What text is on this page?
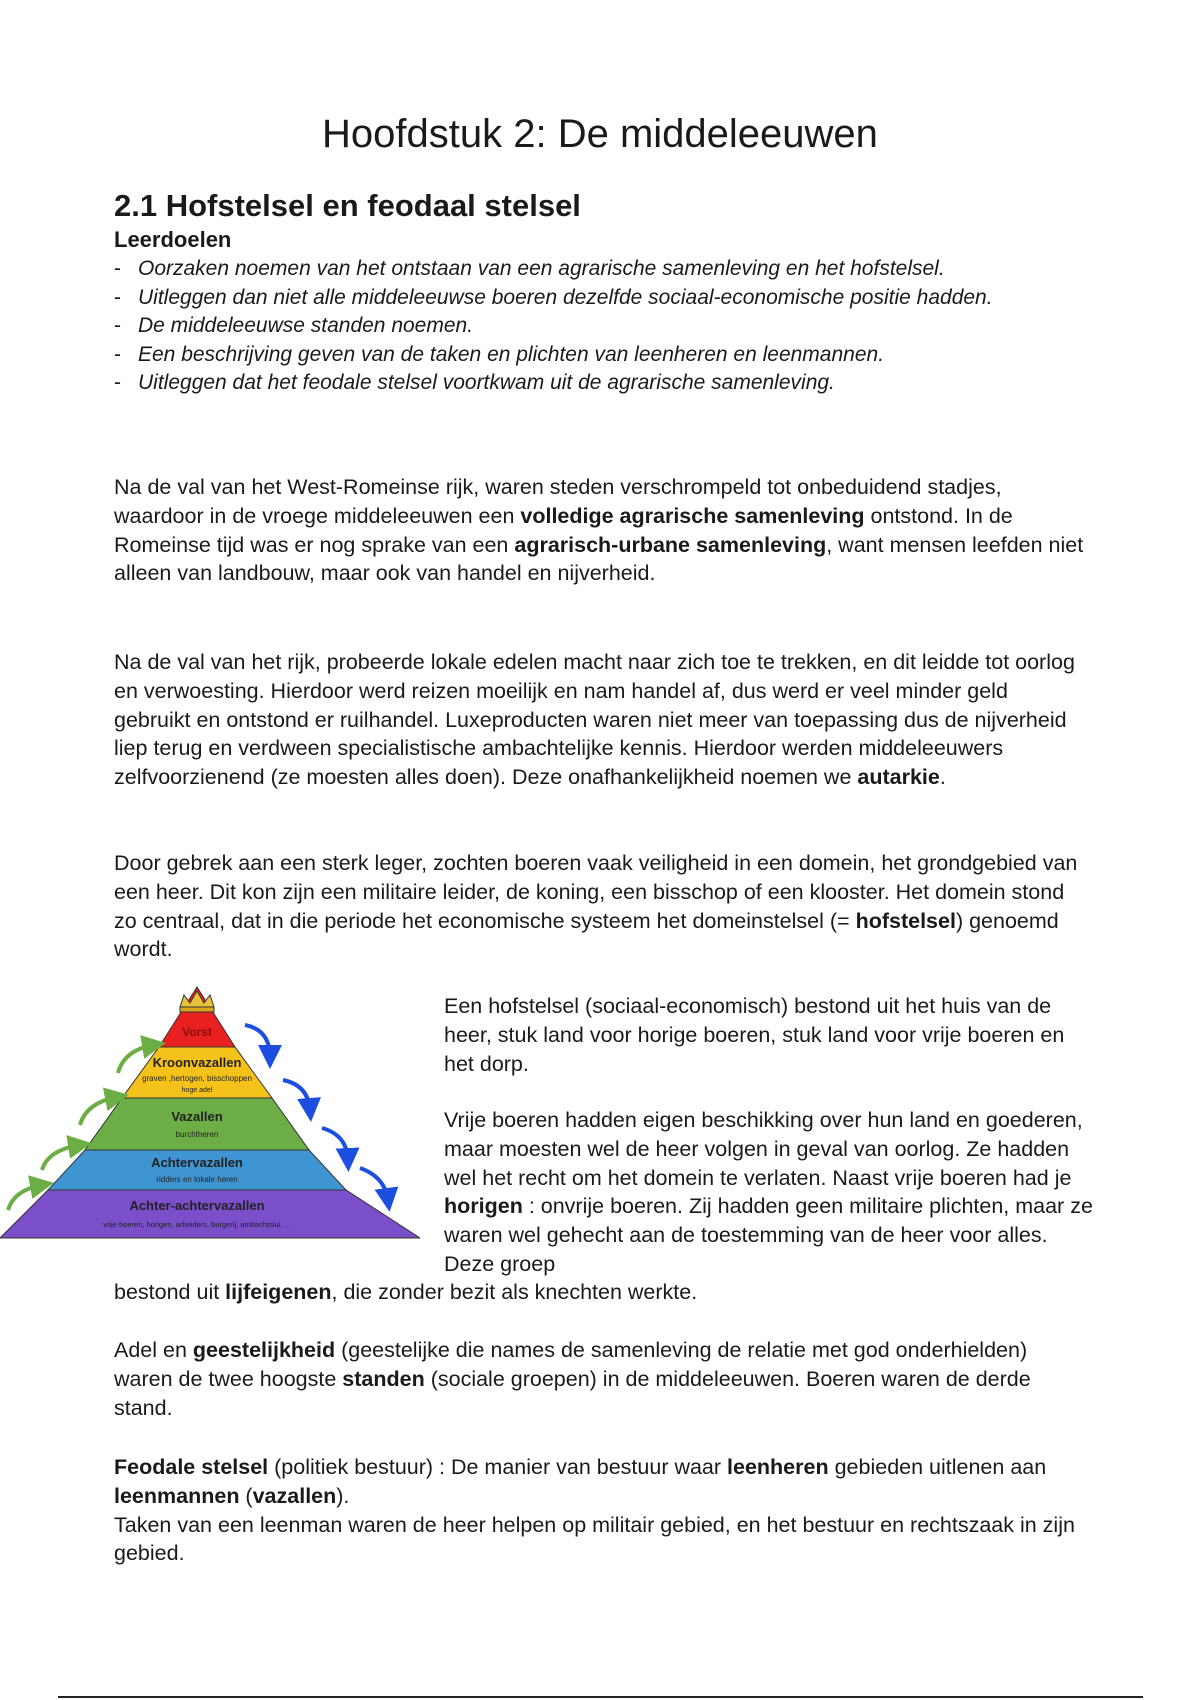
Hoofdstuk 2: De middeleeuwen
2.1 Hofstelsel en feodaal stelsel
Leerdoelen
- Oorzaken noemen van het ontstaan van een agrarische samenleving en het hofstelsel.
- Uitleggen dan niet alle middeleeuwse boeren dezelfde sociaal-economische positie hadden.
- De middeleeuwse standen noemen.
- Een beschrijving geven van de taken en plichten van leenheren en leenmannen.
- Uitleggen dat het feodale stelsel voortkwam uit de agrarische samenleving.

Na de val van het West-Romeinse rijk, waren steden verschrompeld tot onbeduidend stadjes, waardoor in de vroege middeleeuwen een volledige agrarische samenleving ontstond. In de Romeinse tijd was er nog sprake van een agrarisch-urbane samenleving, want mensen leefden niet alleen van landbouw, maar ook van handel en nijverheid.

Na de val van het rijk, probeerde lokale edelen macht naar zich toe te trekken, en dit leidde tot oorlog en verwoesting. Hierdoor werd reizen moeilijk en nam handel af, dus werd er veel minder geld gebruikt en ontstond er ruilhandel. Luxeproducten waren niet meer van toepassing dus de nijverheid liep terug en verdween specialistische ambachtelijke kennis. Hierdoor werden middeleeuwers zelfvoorzienend (ze moesten alles doen). Deze onafhankelijkheid noemen we autarkie.

Door gebrek aan een sterk leger, zochten boeren vaak veiligheid in een domein, het grondgebied van een heer. Dit kon zijn een militaire leider, de koning, een bisschop of een klooster. Het domein stond zo centraal, dat in die periode het economische systeem het domeinstelsel (= hofstelsel) genoemd wordt.

Vorst
Kroonvazallen
graven ,hertogen, bisschoppen
hoge adel
Vazallen
burchtheren
Achtervazallen
ridders en lokale heren
Achter-achtervazallen
vrije boeren, horigen, arbeiders, burgerij, ambachtslui, ...

Een hofstelsel (sociaal-economisch) bestond uit het huis van de heer, stuk land voor horige boeren, stuk land voor vrije boeren en het dorp.

Vrije boeren hadden eigen beschikking over hun land en goederen, maar moesten wel de heer volgen in geval van oorlog. Ze hadden wel het recht om het domein te verlaten. Naast vrije boeren had je horigen : onvrije boeren. Zij hadden geen militaire plichten, maar ze waren wel gehecht aan de toestemming van de heer voor alles. Deze groep

bestond uit lijfeigenen, die zonder bezit als knechten werkte.

Adel en geestelijkheid (geestelijke die names de samenleving de relatie met god onderhielden) waren de twee hoogste standen (sociale groepen) in de middeleeuwen. Boeren waren de derde stand.

Feodale stelsel (politiek bestuur) : De manier van bestuur waar leenheren gebieden uitlenen aan leenmannen (vazallen).
Taken van een leenman waren de heer helpen op militair gebied, en het bestuur en rechtszaak in zijn gebied.
